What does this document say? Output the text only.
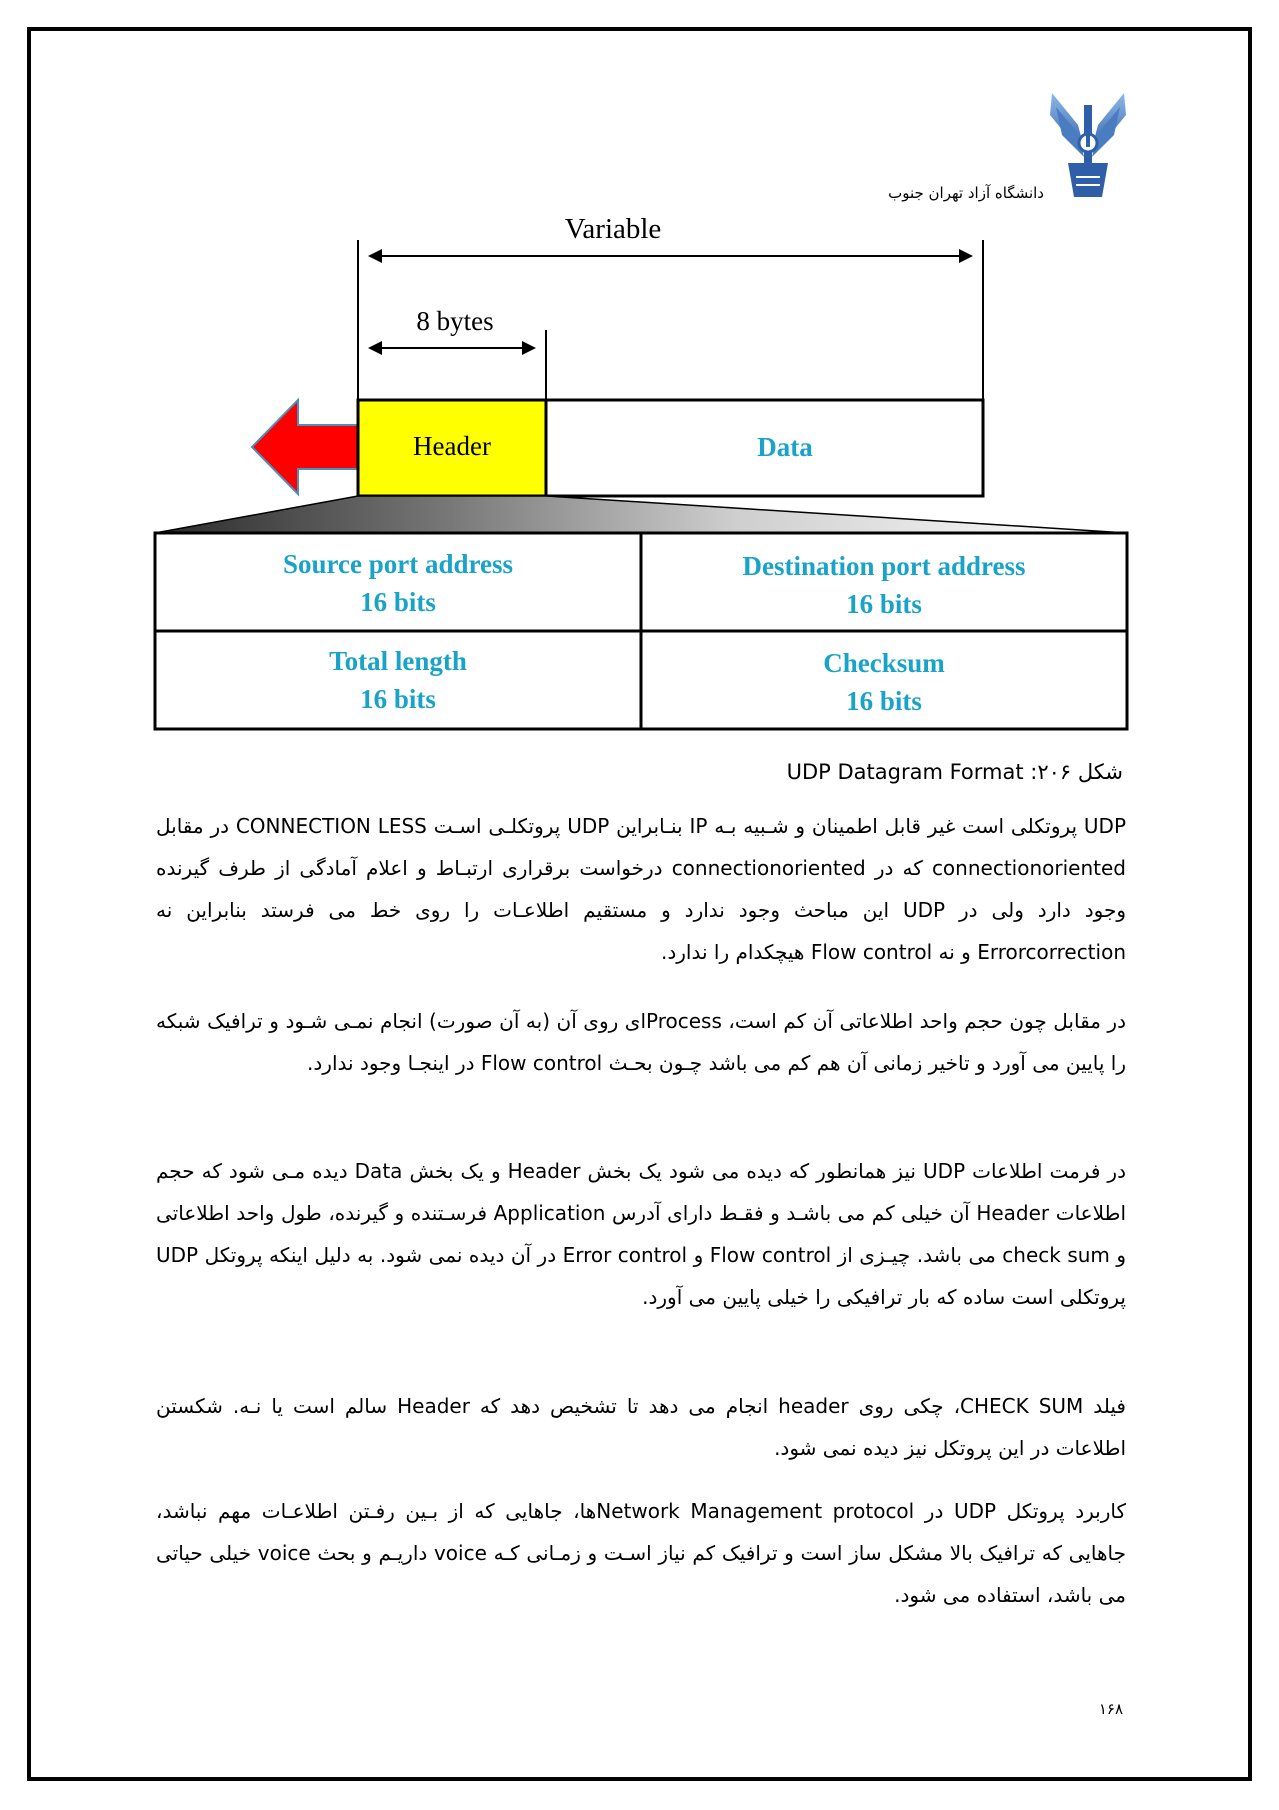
دانشگاه آزاد تهران جنوب
Variable
8 bytes
Header	Data
Source port address
16 bits
Destination port address
16 bits
Total length
16 bits
Checksum
16 bits
شکل ۲۰۶: UDP Datagram Format

UDP پروتکلی است غیر قابل اطمینان و شـبیه بـه IP بنـابراین UDP پروتکلـی اسـت CONNECTION LESS در مقابل connectionoriented که در connectionoriented درخواست برقراری ارتبـاط و اعلام آمادگی از طرف گیرنده وجود دارد ولی در UDP این مباحث وجود ندارد و مستقیم اطلاعـات را روی خط می فرستد بنابراین نه Errorcorrection و نه Flow control هیچکدام را ندارد.

در مقابل چون حجم واحد اطلاعاتی آن کم است، Processای روی آن (به آن صورت) انجام نمـی شـود و ترافیک شبکه را پایین می آورد و تاخیر زمانی آن هم کم می باشد چـون بحـث Flow control در اینجـا وجود ندارد.

در فرمت اطلاعات UDP نیز همانطور که دیده می شود یک بخش Header و یک بخش Data دیده مـی شود که حجم اطلاعات Header آن خیلی کم می باشـد و فقـط دارای آدرس Application فرسـتنده و گیرنده، طول واحد اطلاعاتی و check sum می باشد. چیـزی از Flow control و Error control در آن دیده نمی شود. به دلیل اینکه پروتکل UDP پروتکلی است ساده که بار ترافیکی را خیلی پایین می آورد.

فیلد CHECK SUM، چکی روی header انجام می دهد تا تشخیص دهد که Header سالم است یا نـه. شکستن اطلاعات در این پروتکل نیز دیده نمی شود.

کاربرد پروتکل UDP در Network Management protocolها، جاهایی که از بـین رفـتن اطلاعـات مهم نباشد، جاهایی که ترافیک بالا مشکل ساز است و ترافیک کم نیاز اسـت و زمـانی کـه voice داریـم و بحث voice خیلی حیاتی می باشد، استفاده می شود.

۱۶۸
